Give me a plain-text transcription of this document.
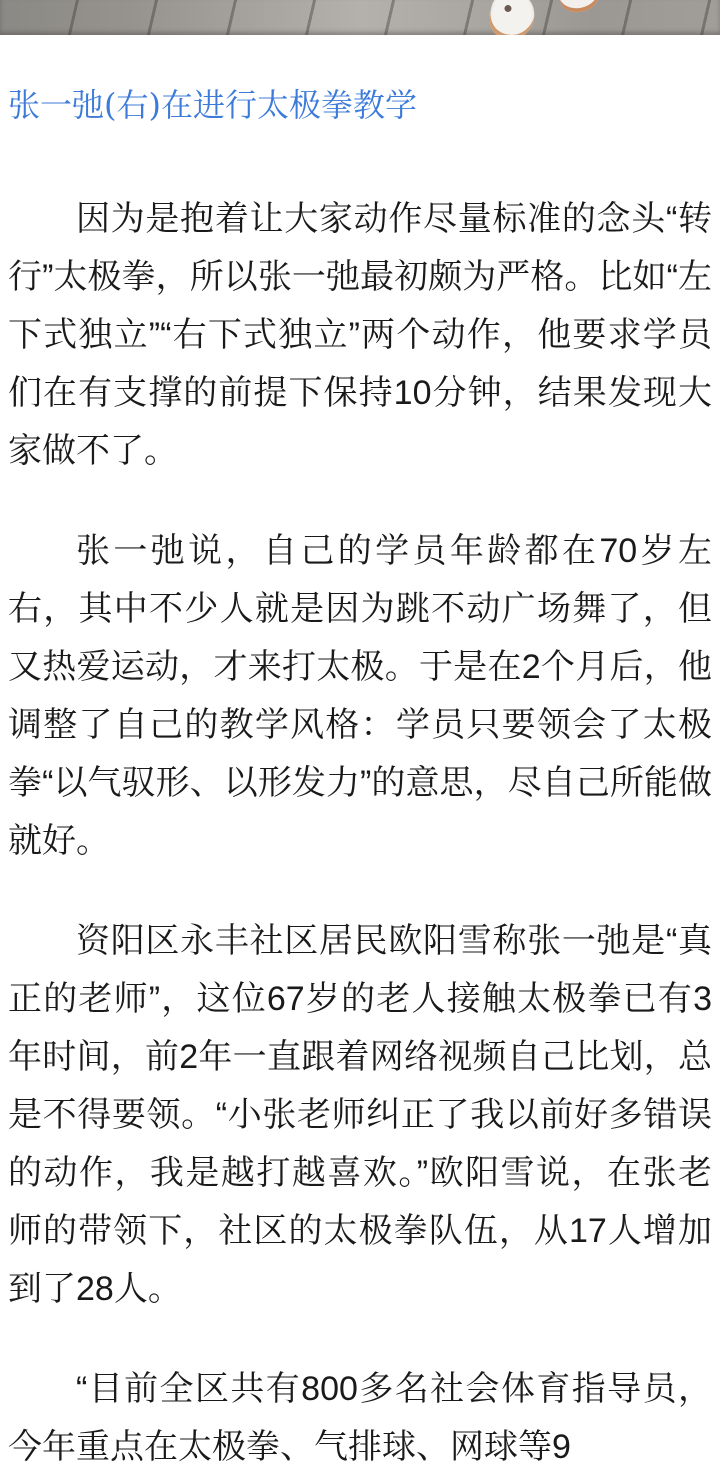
张一弛(右)在进行太极拳教学

因为是抱着让大家动作尽量标准的念头“转行”太极拳，所以张一弛最初颇为严格。比如“左下式独立”“右下式独立”两个动作，他要求学员们在有支撑的前提下保持10分钟，结果发现大家做不了。

张一弛说，自己的学员年龄都在70岁左右，其中不少人就是因为跳不动广场舞了，但又热爱运动，才来打太极。于是在2个月后，他调整了自己的教学风格：学员只要领会了太极拳“以气驭形、以形发力”的意思，尽自己所能做就好。

资阳区永丰社区居民欧阳雪称张一弛是“真正的老师”，这位67岁的老人接触太极拳已有3年时间，前2年一直跟着网络视频自己比划，总是不得要领。“小张老师纠正了我以前好多错误的动作，我是越打越喜欢。”欧阳雪说，在张老师的带领下，社区的太极拳队伍，从17人增加到了28人。

“目前全区共有800多名社会体育指导员，今年重点在太极拳、气排球、网球等9
